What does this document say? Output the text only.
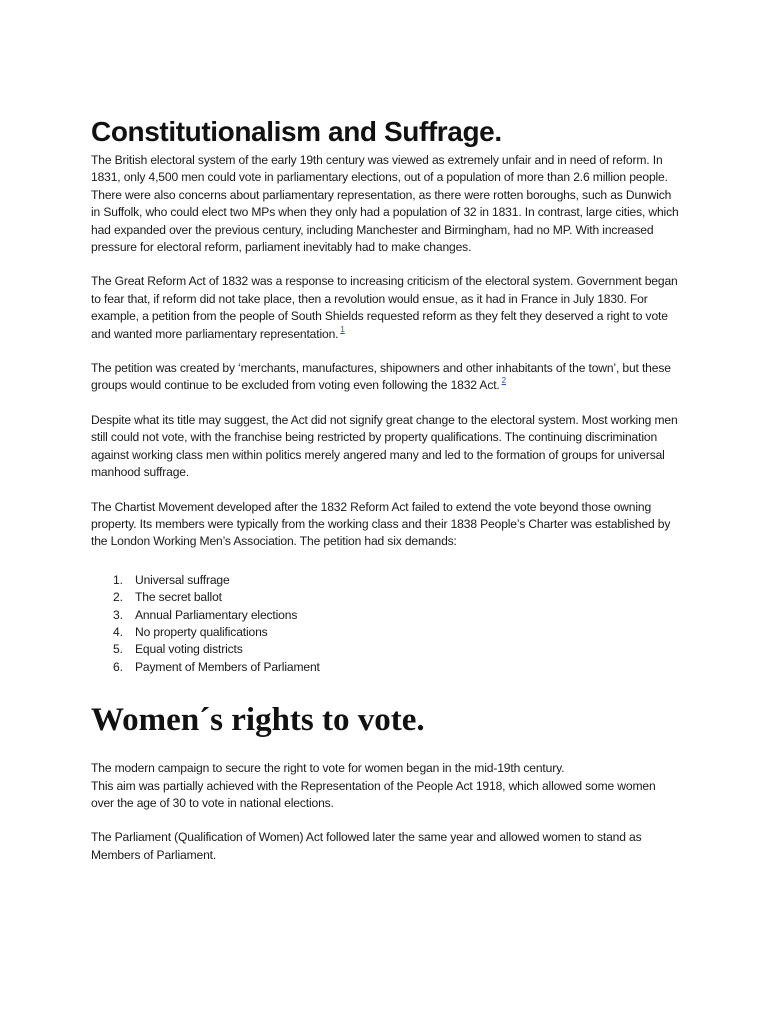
Constitutionalism and Suffrage.

The British electoral system of the early 19th century was viewed as extremely unfair and in need of reform. In 1831, only 4,500 men could vote in parliamentary elections, out of a population of more than 2.6 million people. There were also concerns about parliamentary representation, as there were rotten boroughs, such as Dunwich in Suffolk, who could elect two MPs when they only had a population of 32 in 1831. In contrast, large cities, which had expanded over the previous century, including Manchester and Birmingham, had no MP. With increased pressure for electoral reform, parliament inevitably had to make changes.

The Great Reform Act of 1832 was a response to increasing criticism of the electoral system. Government began to fear that, if reform did not take place, then a revolution would ensue, as it had in France in July 1830. For example, a petition from the people of South Shields requested reform as they felt they deserved a right to vote and wanted more parliamentary representation. $^1$

The petition was created by ‘merchants, manufactures, shipowners and other inhabitants of the town’, but these groups would continue to be excluded from voting even following the 1832 Act. $^2$

Despite what its title may suggest, the Act did not signify great change to the electoral system. Most working men still could not vote, with the franchise being restricted by property qualifications. The continuing discrimination against working class men within politics merely angered many and led to the formation of groups for universal manhood suffrage.

The Chartist Movement developed after the 1832 Reform Act failed to extend the vote beyond those owning property. Its members were typically from the working class and their 1838 People’s Charter was established by the London Working Men’s Association. The petition had six demands:

1.	Universal suffrage
2.	The secret ballot
3.	Annual Parliamentary elections
4.	No property qualifications
5.	Equal voting districts
6.	Payment of Members of Parliament
Women´s rights to vote.

The modern campaign to secure the right to vote for women began in the mid-19th century.
This aim was partially achieved with the Representation of the People Act 1918, which allowed some women over the age of 30 to vote in national elections.

The Parliament (Qualification of Women) Act followed later the same year and allowed women to stand as Members of Parliament.
